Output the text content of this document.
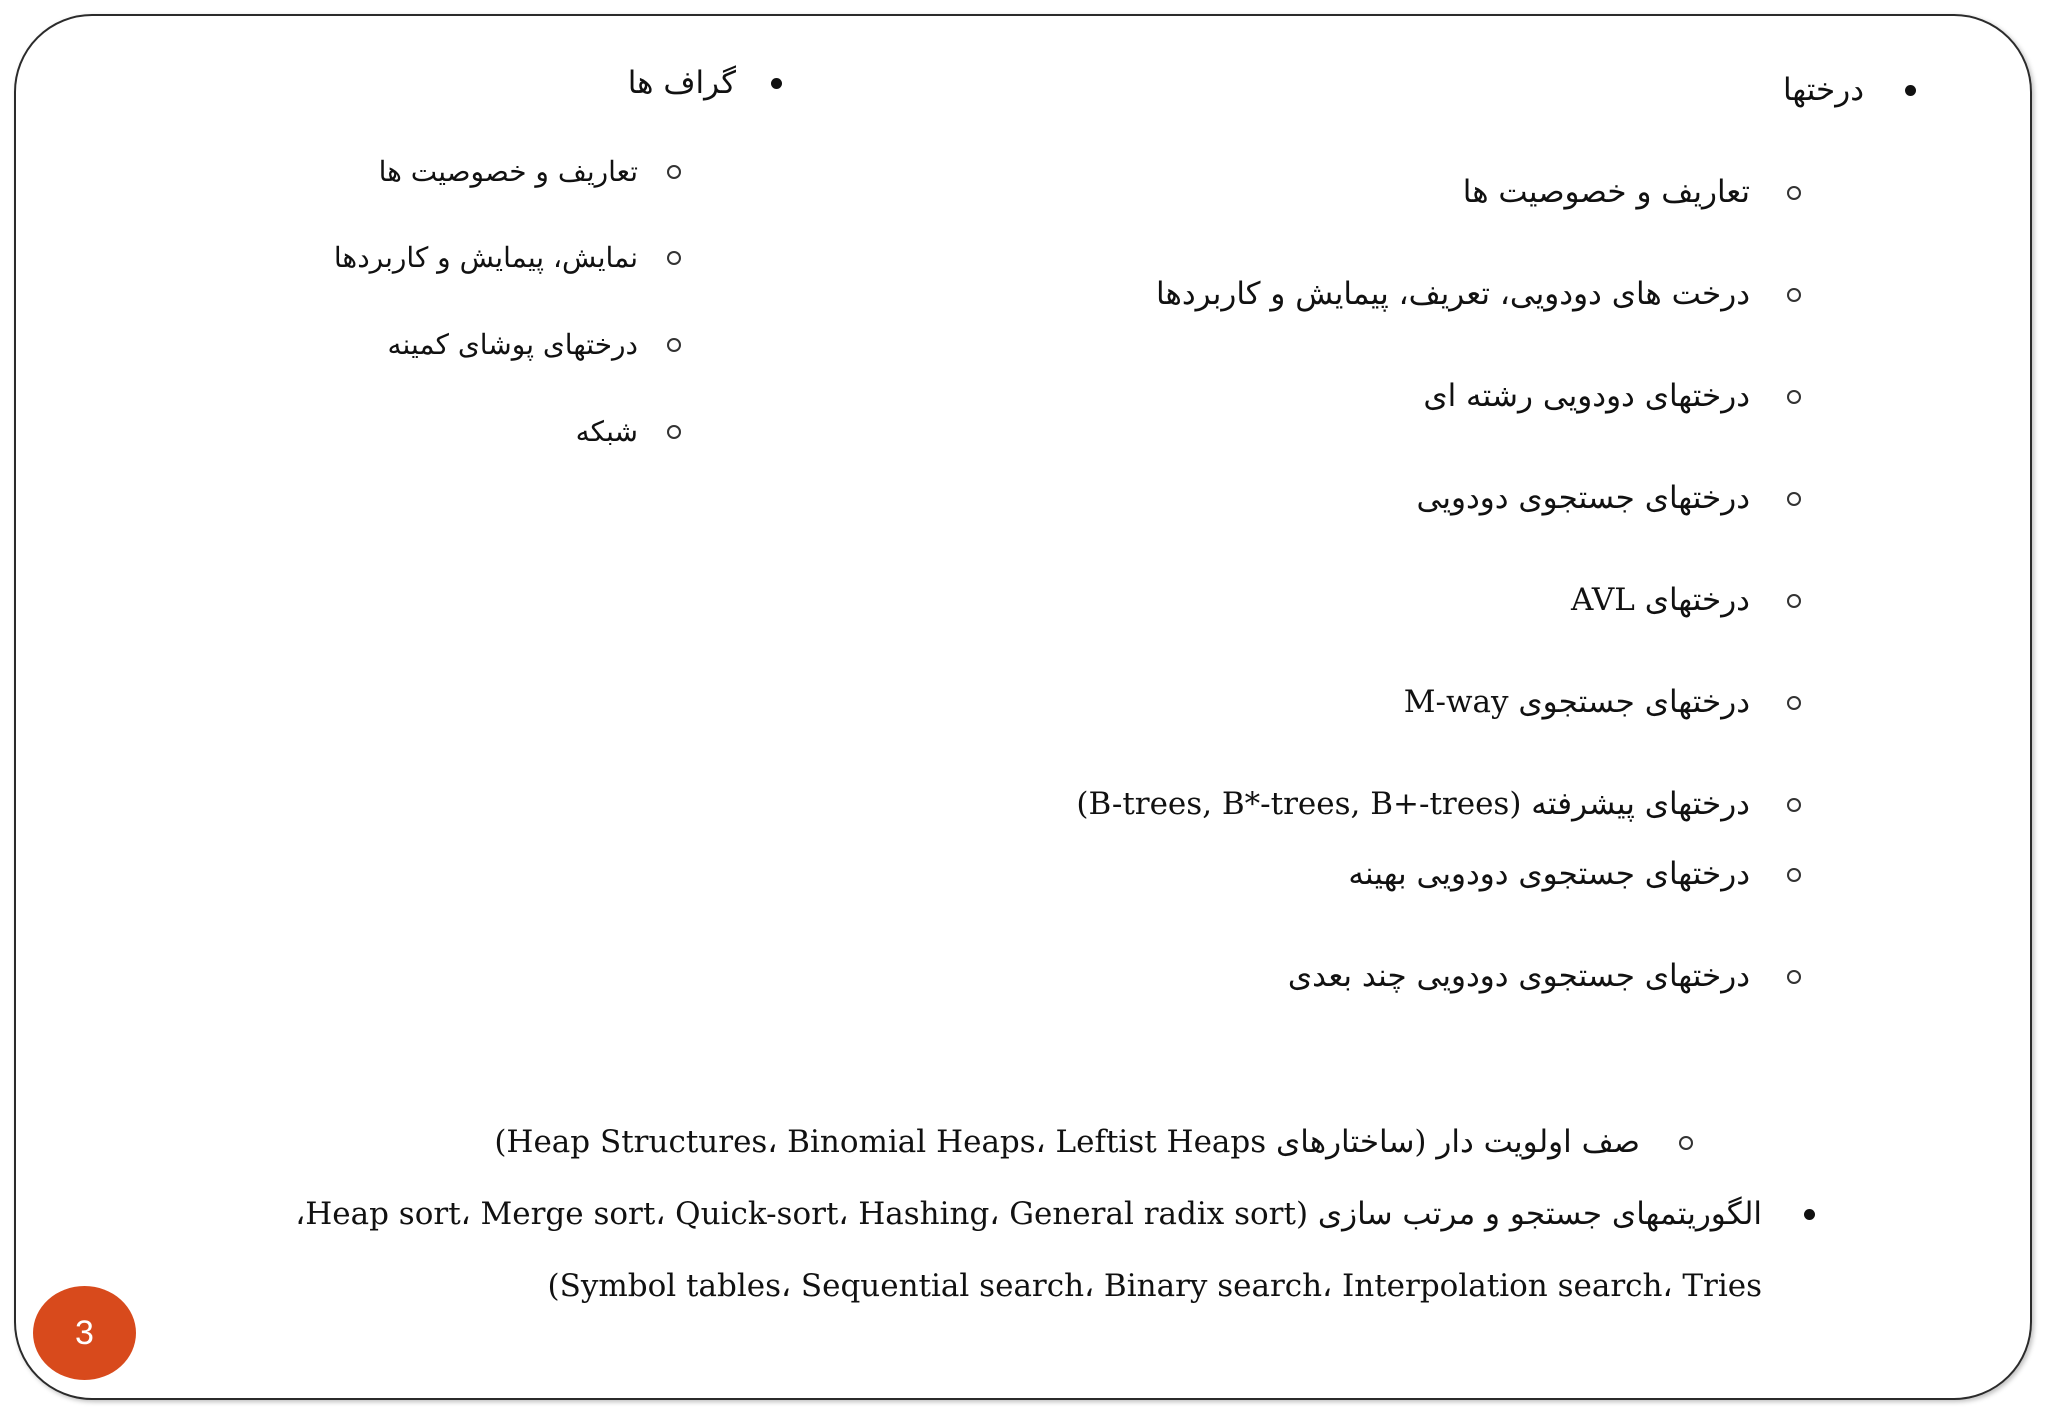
درختها
تعاریف و خصوصیت ها
درخت های دودویی، تعریف، پیمایش و کاربردها
درختهای دودویی رشته ای
درختهای جستجوی دودویی
درختهای AVL
درختهای جستجوی M-way
درختهای پیشرفته (B-trees, B*-trees, B+-trees)
درختهای جستجوی دودویی بهینه
درختهای جستجوی دودویی چند بعدی
گراف ها
تعاریف و خصوصیت ها
نمایش، پیمایش و کاربردها
درختهای پوشای کمینه
شبکه
صف اولویت دار (ساختارهای Heap Structures، Binomial Heaps، Leftist Heaps)
الگوریتمهای جستجو و مرتب سازی (Heap sort، Merge sort، Quick-sort، Hashing، General radix sort،
Symbol tables، Sequential search، Binary search، Interpolation search، Tries)
3
